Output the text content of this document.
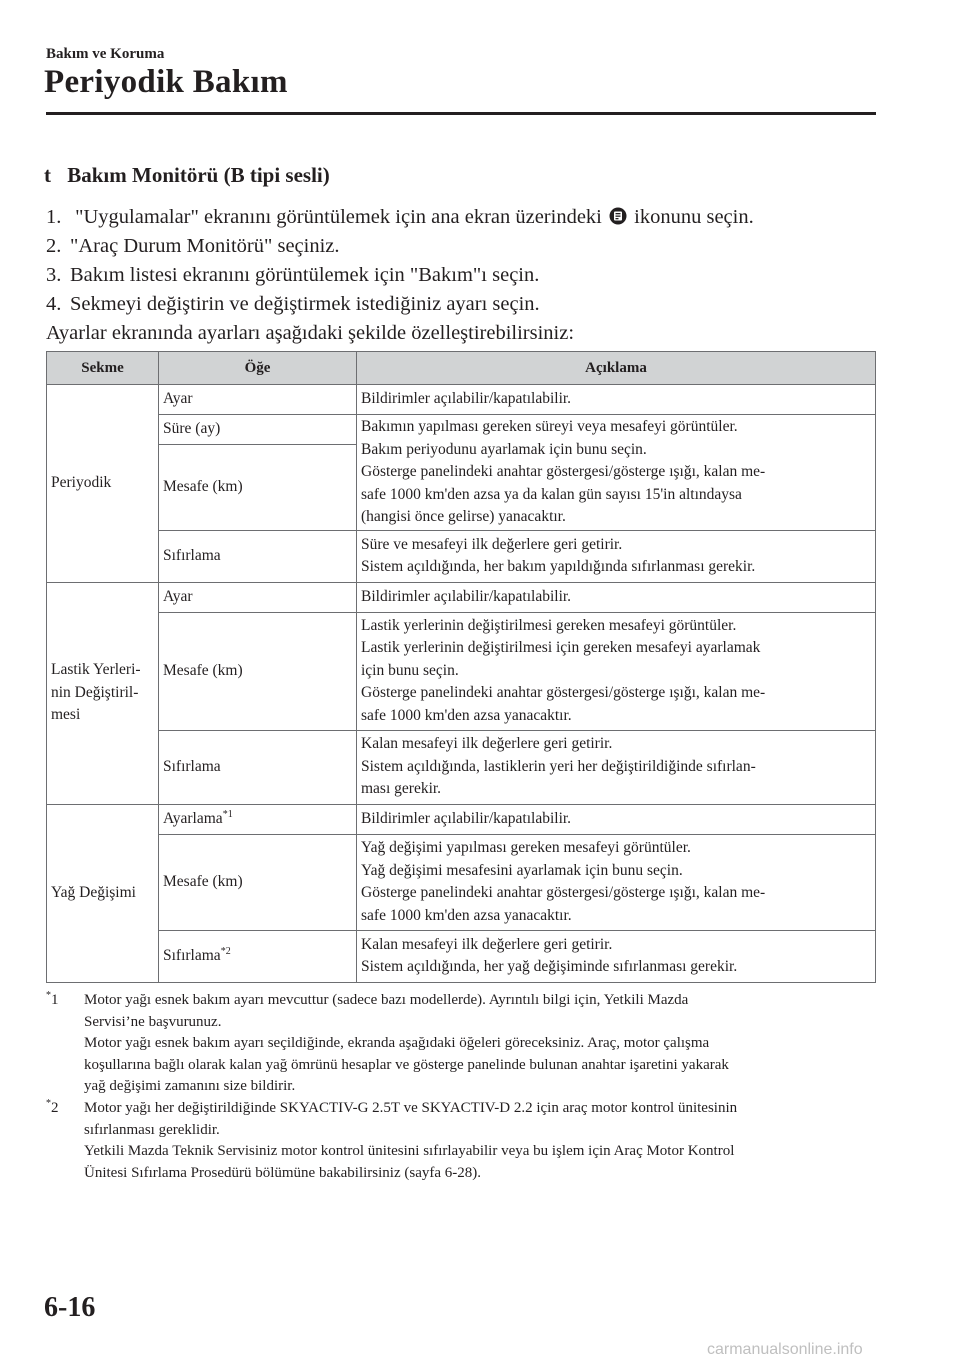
Bakım ve Koruma
Periyodik Bakım
t Bakım Monitörü (B tipi sesli)
1. "Uygulamalar" ekranını görüntülemek için ana ekran üzerindeki ikonunu seçin.
2. "Araç Durum Monitörü" seçiniz.
3. Bakım listesi ekranını görüntülemek için "Bakım"ı seçin.
4. Sekmeyi değiştirin ve değiştirmek istediğiniz ayarı seçin.
Ayarlar ekranında ayarları aşağıdaki şekilde özelleştirebilirsiniz:
Sekme	Öğe	Açıklama
Periyodik	Ayar	Bildirimler açılabilir/kapatılabilir.
	Süre (ay)	Bakımın yapılması gereken süreyi veya mesafeyi görüntüler.
Bakım periyodunu ayarlamak için bunu seçin.
Gösterge panelindeki anahtar göstergesi/gösterge ışığı, kalan me-
safe 1000 km'den azsa ya da kalan gün sayısı 15'in altındaysa
(hangisi önce gelirse) yanacaktır.
	Mesafe (km)	
	Sıfırlama	Süre ve mesafeyi ilk değerlere geri getirir.
Sistem açıldığında, her bakım yapıldığında sıfırlanması gerekir.
Lastik Yerleri-
nin Değiştiril-
mesi	Ayar	Bildirimler açılabilir/kapatılabilir.
	Mesafe (km)	Lastik yerlerinin değiştirilmesi gereken mesafeyi görüntüler.
Lastik yerlerinin değiştirilmesi için gereken mesafeyi ayarlamak
için bunu seçin.
Gösterge panelindeki anahtar göstergesi/gösterge ışığı, kalan me-
safe 1000 km'den azsa yanacaktır.
	Sıfırlama	Kalan mesafeyi ilk değerlere geri getirir.
Sistem açıldığında, lastiklerin yeri her değiştirildiğinde sıfırlan-
ması gerekir.
Yağ Değişimi	Ayarlama$^{*1}$	Bildirimler açılabilir/kapatılabilir.
	Mesafe (km)	Yağ değişimi yapılması gereken mesafeyi görüntüler.
Yağ değişimi mesafesini ayarlamak için bunu seçin.
Gösterge panelindeki anahtar göstergesi/gösterge ışığı, kalan me-
safe 1000 km'den azsa yanacaktır.
	Sıfırlama$^{*2}$	Kalan mesafeyi ilk değerlere geri getirir.
Sistem açıldığında, her yağ değişiminde sıfırlanması gerekir.
*1 Motor yağı esnek bakım ayarı mevcuttur (sadece bazı modellerde). Ayrıntılı bilgi için, Yetkili Mazda
Servisi’ne başvurunuz.
Motor yağı esnek bakım ayarı seçildiğinde, ekranda aşağıdaki öğeleri göreceksiniz. Araç, motor çalışma
koşullarına bağlı olarak kalan yağ ömrünü hesaplar ve gösterge panelinde bulunan anahtar işaretini yakarak
yağ değişimi zamanını size bildirir.
*2 Motor yağı her değiştirildiğinde SKYACTIV-G 2.5T ve SKYACTIV-D 2.2 için araç motor kontrol ünitesinin
sıfırlanması gereklidir.
Yetkili Mazda Teknik Servisiniz motor kontrol ünitesini sıfırlayabilir veya bu işlem için Araç Motor Kontrol
Ünitesi Sıfırlama Prosedürü bölümüne bakabilirsiniz (sayfa 6-28).
6-16
carmanualsonline.info
